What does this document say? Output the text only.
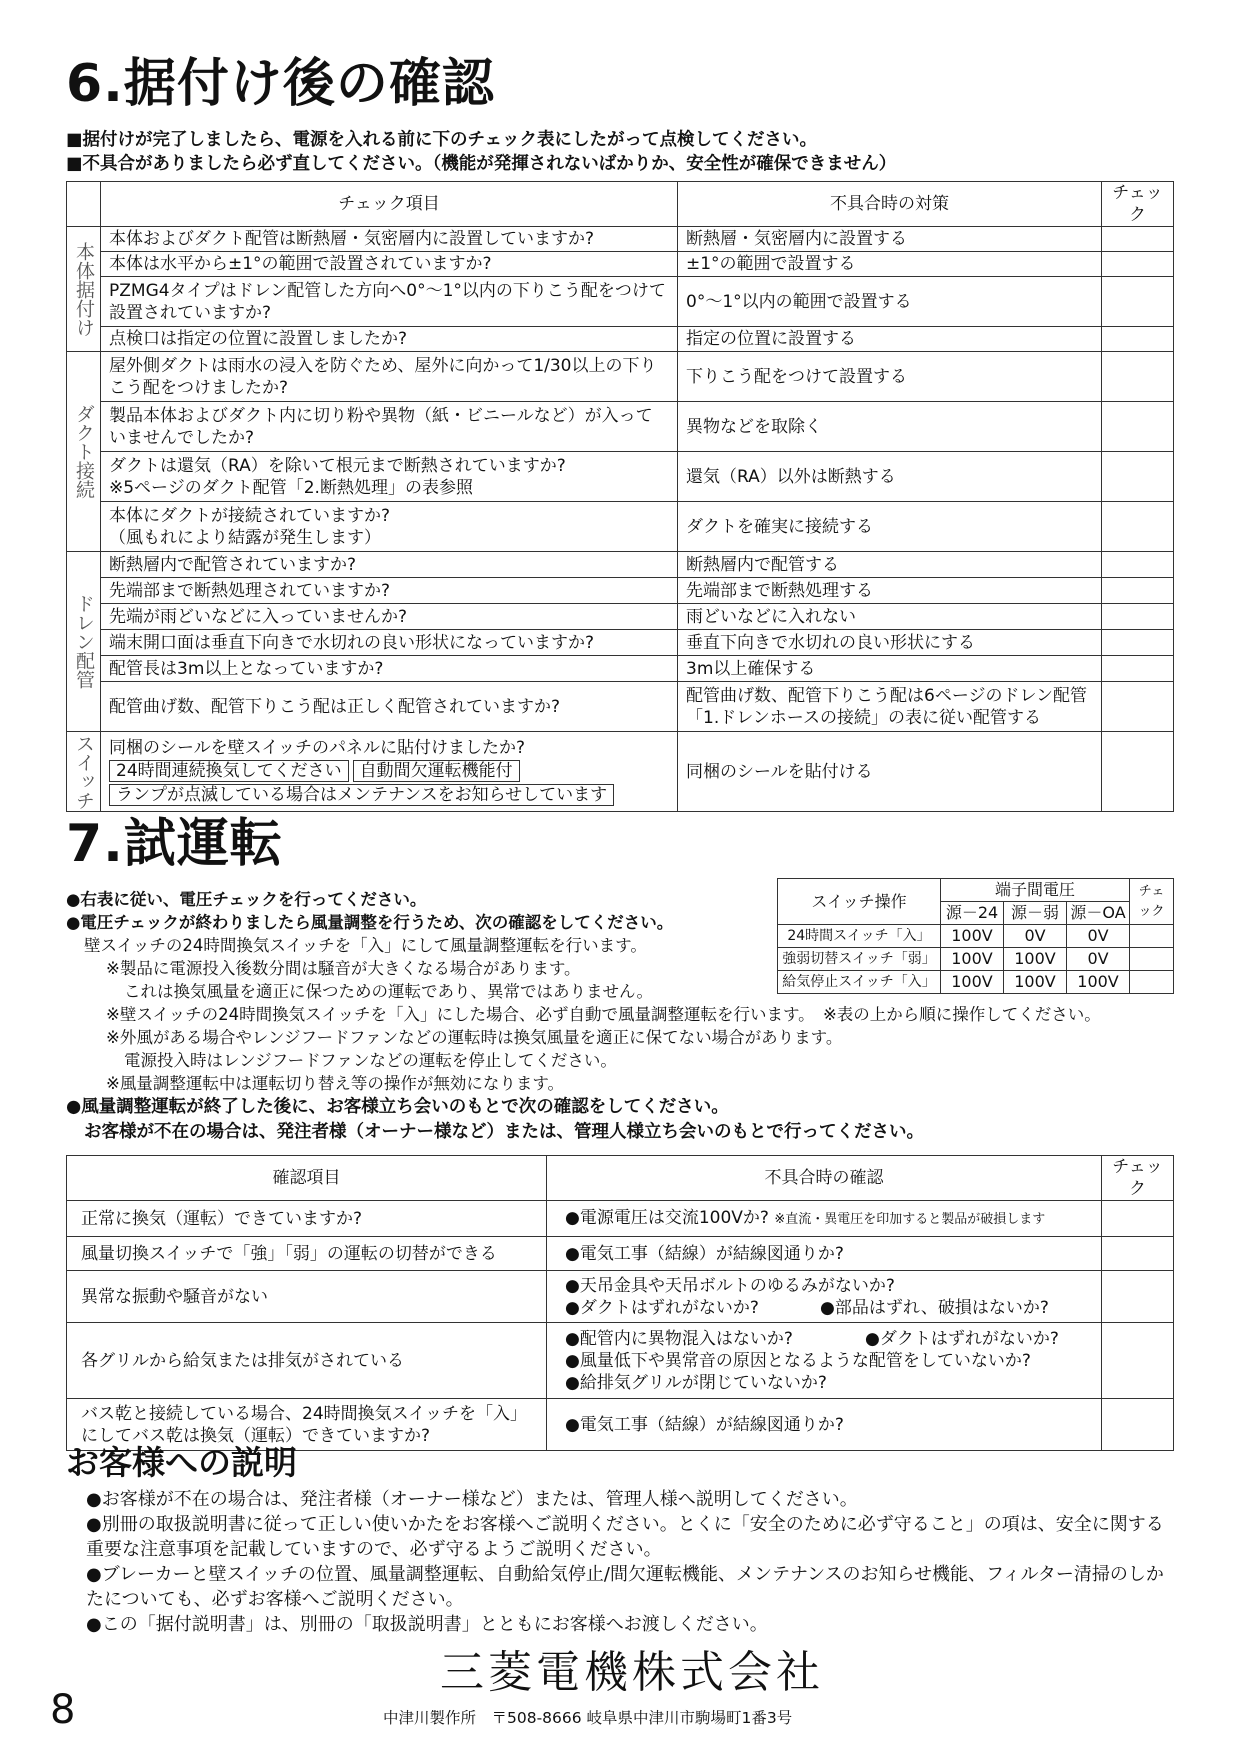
6.据付け後の確認
■据付けが完了しましたら、電源を入れる前に下のチェック表にしたがって点検してください。
■不具合がありましたら必ず直してください。（機能が発揮されないばかりか、安全性が確保できません）
	チェック項目	不具合時の対策	チェック

本体据付け	本体およびダクト配管は断熱層・気密層内に設置していますか?	断熱層・気密層内に設置する	
	本体は水平から±1°の範囲で設置されていますか?	±1°の範囲で設置する	
	PZMG4タイプはドレン配管した方向へ0°～1°以内の下りこう配をつけて設置されていますか?	0°～1°以内の範囲で設置する	
	点検口は指定の位置に設置しましたか?	指定の位置に設置する	

ダクト接続	屋外側ダクトは雨水の浸入を防ぐため、屋外に向かって1/30以上の下りこう配をつけましたか?	下りこう配をつけて設置する	
	製品本体およびダクト内に切り粉や異物（紙・ビニールなど）が入っていませんでしたか?	異物などを取除く	

	ダクトは還気（RA）を除いて根元まで断熱されていますか?
※5ページのダクト配管「2.断熱処理」の表参照	還気（RA）以外は断熱する	

	本体にダクトが接続されていますか?
（風もれにより結露が発生します）	ダクトを確実に接続する	

ドレン配管	断熱層内で配管されていますか?	断熱層内で配管する	
	先端部まで断熱処理されていますか?	先端部まで断熱処理する	
	先端が雨どいなどに入っていませんか?	雨どいなどに入れない	
	端末開口面は垂直下向きで水切れの良い形状になっていますか?	垂直下向きで水切れの良い形状にする	
	配管長は3m以上となっていますか?	3m以上確保する	
	配管曲げ数、配管下りこう配は正しく配管されていますか?	配管曲げ数、配管下りこう配は6ページのドレン配管「1.ドレンホースの接続」の表に従い配管する	

スイッチ	同梱のシールを壁スイッチのパネルに貼付けましたか?
24時間連続換気してください 自動間欠運転機能付
ランプが点滅している場合はメンテナンスをお知らせしています	同梱のシールを貼付ける	
7.試運転
●右表に従い、電圧チェックを行ってください。
●電圧チェックが終わりましたら風量調整を行うため、次の確認をしてください。
壁スイッチの24時間換気スイッチを「入」にして風量調整運転を行います。
※製品に電源投入後数分間は騒音が大きくなる場合があります。
これは換気風量を適正に保つための運転であり、異常ではありません。
※壁スイッチの24時間換気スイッチを「入」にした場合、必ず自動で風量調整運転を行います。　 ※表の上から順に操作してください。
※外風がある場合やレンジフードファンなどの運転時は換気風量を適正に保てない場合があります。
電源投入時はレンジフードファンなどの運転を停止してください。
※風量調整運転中は運転切り替え等の操作が無効になります。
●風量調整運転が終了した後に、お客様立ち会いのもとで次の確認をしてください。
お客様が不在の場合は、発注者様（オーナー様など）または、管理人様立ち会いのもとで行ってください。
スイッチ操作	端子間電圧			チェック
	源－24	源－弱	源－OA	
24時間スイッチ「入」	100V	0V	0V	
強弱切替スイッチ「弱」	100V	100V	0V	
給気停止スイッチ「入」	100V	100V	100V	
確認項目	不具合時の確認	チェック
正常に換気（運転）できていますか?	●電源電圧は交流100Vか? ※直流・異電圧を印加すると製品が破損します	
風量切換スイッチで「強」「弱」の運転の切替ができる	●電気工事（結線）が結線図通りか?	
異常な振動や騒音がない	●天吊金具や天吊ボルトのゆるみがないか?
●ダクトはずれがないか? ●部品はずれ、破損はないか?	

各グリルから給気または排気がされている	●配管内に異物混入はないか? ●ダクトはずれがないか?
●風量低下や異常音の原因となるような配管をしていないか?
●給排気グリルが閉じていないか?	

バス乾と接続している場合、24時間換気スイッチを「入」にしてバス乾は換気（運転）できていますか?	●電気工事（結線）が結線図通りか?	
お客様への説明
●お客様が不在の場合は、発注者様（オーナー様など）または、管理人様へ説明してください。
●別冊の取扱説明書に従って正しい使いかたをお客様へご説明ください。とくに「安全のために必ず守ること」の項は、安全に関する重要な注意事項を記載していますので、必ず守るようご説明ください。
●ブレーカーと壁スイッチの位置、風量調整運転、自動給気停止/間欠運転機能、メンテナンスのお知らせ機能、フィルター清掃のしかたについても、必ずお客様へご説明ください。
●この「据付説明書」は、別冊の「取扱説明書」とともにお客様へお渡しください。
8
三菱電機株式会社
中津川製作所　〒508-8666 岐阜県中津川市駒場町1番3号
